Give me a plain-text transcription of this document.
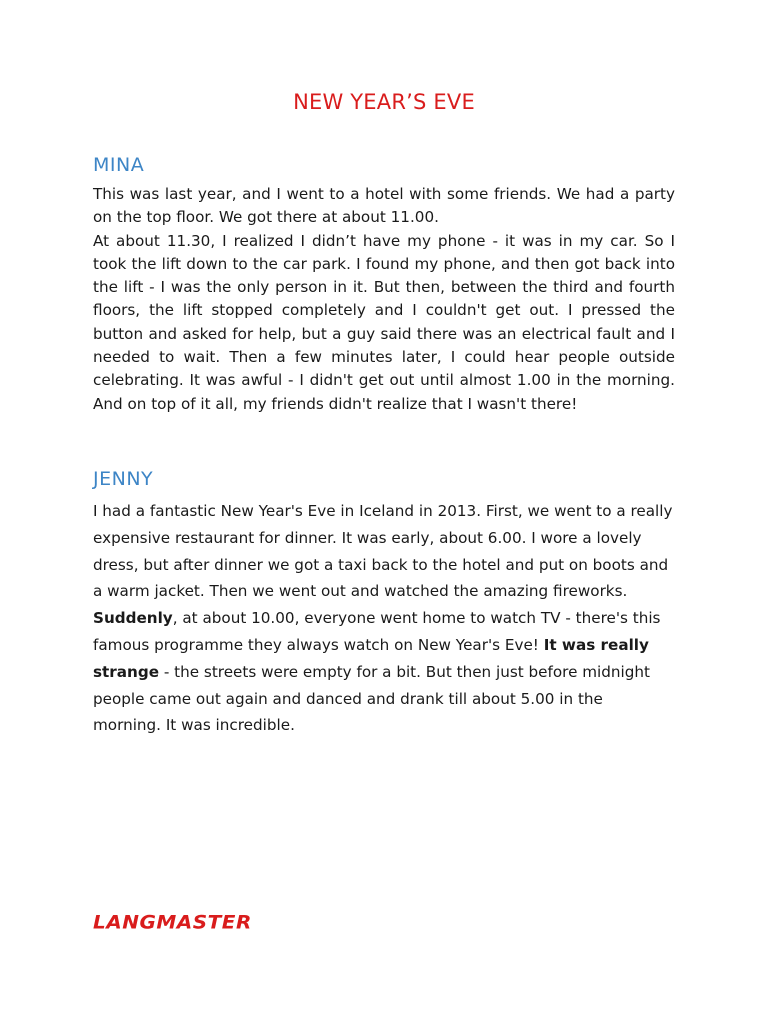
NEW YEAR’S EVE
MINA

This was last year, and I went to a hotel with some friends. We had a party on the top floor. We got there at about 11.00.

At about 11.30, I realized I didn’t have my phone - it was in my car. So I took the lift down to the car park. I found my phone, and then got back into the lift - I was the only person in it. But then, between the third and fourth floors, the lift stopped completely and I couldn't get out. I pressed the button and asked for help, but a guy said there was an electrical fault and I needed to wait. Then a few minutes later, I could hear people outside celebrating. It was awful - I didn't get out until almost 1.00 in the morning. And on top of it all, my friends didn't realize that I wasn't there!

JENNY

I had a fantastic New Year's Eve in Iceland in 2013. First, we went to a really expensive restaurant for dinner. It was early, about 6.00. I wore a lovely dress, but after dinner we got a taxi back to the hotel and put on boots and a warm jacket. Then we went out and watched the amazing fireworks. Suddenly, at about 10.00, everyone went home to watch TV - there's this famous programme they always watch on New Year's Eve! It was really strange - the streets were empty for a bit. But then just before midnight people came out again and danced and drank till about 5.00 in the morning. It was incredible.

LANGMASTER
